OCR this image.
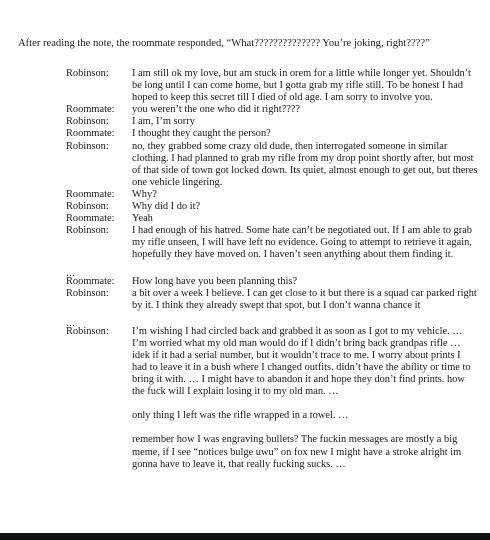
After reading the note, the roommate responded, “What?????????????? You’re joking, right????”
Robinson:	I am still ok my love, but am stuck in orem for a little while longer yet. Shouldn’t be long until I can come home, but I gotta grab my rifle still. To be honest I had hoped to keep this secret till I died of old age. I am sorry to involve you.
Roommate:	you weren’t the one who did it right????
Robinson:	I am, I’m sorry
Roommate:	I thought they caught the person?
Robinson:	no, they grabbed some crazy old dude, then interrogated someone in similar clothing. I had planned to grab my rifle from my drop point shortly after, but most of that side of town got locked down. Its quiet, almost enough to get out, but theres one vehicle lingering.
Roommate:	Why?
Robinson:	Why did I do it?
Roommate:	Yeah
Robinson:	I had enough of his hatred. Some hate can’t be negotiated out. If I am able to grab my rifle unseen, I will have left no evidence. Going to attempt to retrieve it again, hopefully they have moved on. I haven’t seen anything about them finding it.
…
Roommate:	How long have you been planning this?
Robinson:	a bit over a week I believe. I can get close to it but there is a squad car parked right by it. I think they already swept that spot, but I don’t wanna chance it
…
Robinson:	I’m wishing I had circled back and grabbed it as soon as I got to my vehicle. … I’m worried what my old man would do if I didn’t bring back grandpas rifle … idek if it had a serial number, but it wouldn’t trace to me. I worry about prints I had to leave it in a bush where I changed outfits. didn’t have the ability or time to bring it with. … I might have to abandon it and hope they don’t find prints. how the fuck will I explain losing it to my old man. …
only thing I left was the rifle wrapped in a towel. …
remember how I was engraving bullets? The fuckin messages are mostly a big meme, if I see “notices bulge uwu” on fox new I might have a stroke alright im gonna have to leave it, that really fucking sucks. …
